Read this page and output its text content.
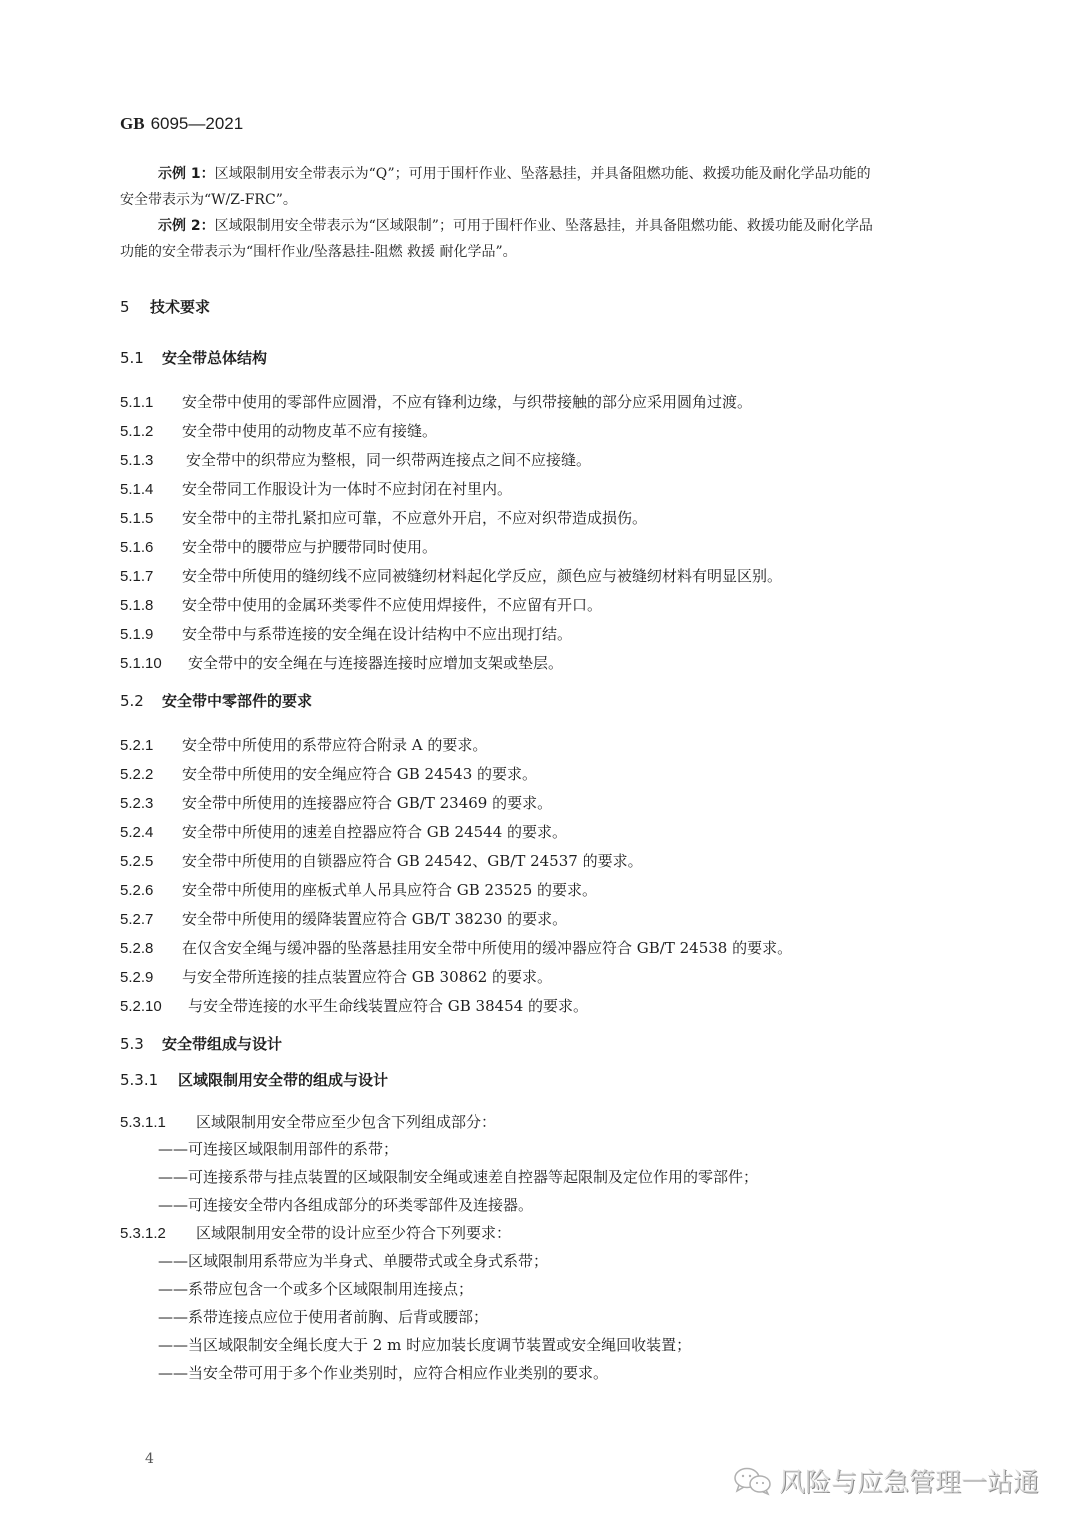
GB 6095—2021
示例 1：区域限制用安全带表示为“Q”；可用于围杆作业、坠落悬挂，并具备阻燃功能、救援功能及耐化学品功能的
安全带表示为“W/Z-FRC”。
示例 2：区域限制用安全带表示为“区域限制”；可用于围杆作业、坠落悬挂，并具备阻燃功能、救援功能及耐化学品
功能的安全带表示为“围杆作业/坠落悬挂-阻燃 救援 耐化学品”。
5 技术要求
5.1 安全带总体结构
5.1.1 安全带中使用的零部件应圆滑，不应有锋利边缘，与织带接触的部分应采用圆角过渡。
5.1.2 安全带中使用的动物皮革不应有接缝。
5.1.3 安全带中的织带应为整根，同一织带两连接点之间不应接缝。
5.1.4 安全带同工作服设计为一体时不应封闭在衬里内。
5.1.5 安全带中的主带扎紧扣应可靠，不应意外开启，不应对织带造成损伤。
5.1.6 安全带中的腰带应与护腰带同时使用。
5.1.7 安全带中所使用的缝纫线不应同被缝纫材料起化学反应，颜色应与被缝纫材料有明显区别。
5.1.8 安全带中使用的金属环类零件不应使用焊接件，不应留有开口。
5.1.9 安全带中与系带连接的安全绳在设计结构中不应出现打结。
5.1.10 安全带中的安全绳在与连接器连接时应增加支架或垫层。
5.2 安全带中零部件的要求
5.2.1 安全带中所使用的系带应符合附录 A 的要求。
5.2.2 安全带中所使用的安全绳应符合 GB 24543 的要求。
5.2.3 安全带中所使用的连接器应符合 GB/T 23469 的要求。
5.2.4 安全带中所使用的速差自控器应符合 GB 24544 的要求。
5.2.5 安全带中所使用的自锁器应符合 GB 24542、GB/T 24537 的要求。
5.2.6 安全带中所使用的座板式单人吊具应符合 GB 23525 的要求。
5.2.7 安全带中所使用的缓降装置应符合 GB/T 38230 的要求。
5.2.8 在仅含安全绳与缓冲器的坠落悬挂用安全带中所使用的缓冲器应符合 GB/T 24538 的要求。
5.2.9 与安全带所连接的挂点装置应符合 GB 30862 的要求。
5.2.10 与安全带连接的水平生命线装置应符合 GB 38454 的要求。
5.3 安全带组成与设计
5.3.1 区域限制用安全带的组成与设计
5.3.1.1 区域限制用安全带应至少包含下列组成部分：
——可连接区域限制用部件的系带；
——可连接系带与挂点装置的区域限制安全绳或速差自控器等起限制及定位作用的零部件；
——可连接安全带内各组成部分的环类零部件及连接器。
5.3.1.2 区域限制用安全带的设计应至少符合下列要求：
——区域限制用系带应为半身式、单腰带式或全身式系带；
——系带应包含一个或多个区域限制用连接点；
——系带连接点应位于使用者前胸、后背或腰部；
——当区域限制安全绳长度大于 2 m 时应加装长度调节装置或安全绳回收装置；
——当安全带可用于多个作业类别时，应符合相应作业类别的要求。
4
风险与应急管理一站通
